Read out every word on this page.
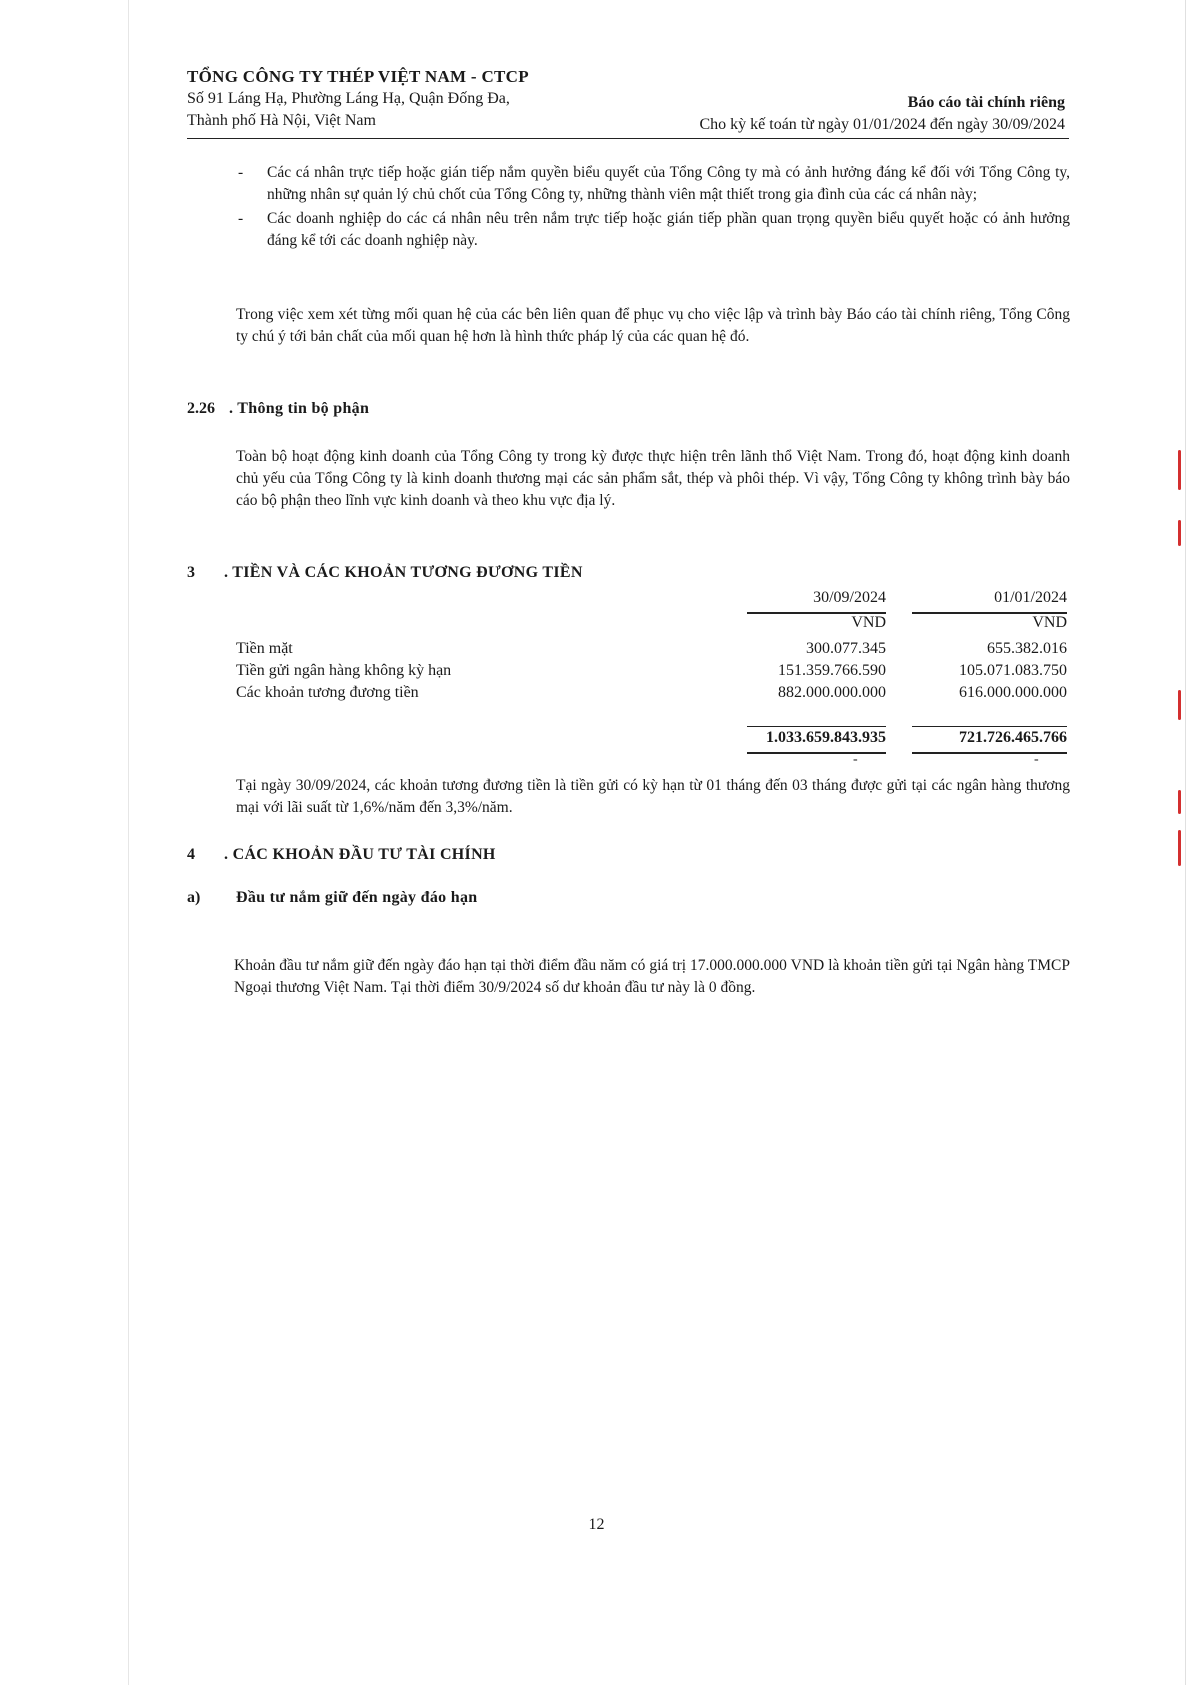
TỔNG CÔNG TY THÉP VIỆT NAM - CTCP
Số 91 Láng Hạ, Phường Láng Hạ, Quận Đống Đa,
Thành phố Hà Nội, Việt Nam
Báo cáo tài chính riêng
Cho kỳ kế toán từ ngày 01/01/2024 đến ngày 30/09/2024
- Các cá nhân trực tiếp hoặc gián tiếp nắm quyền biểu quyết của Tổng Công ty mà có ảnh hưởng đáng kể đối với Tổng Công ty, những nhân sự quản lý chủ chốt của Tổng Công ty, những thành viên mật thiết trong gia đình của các cá nhân này;
- Các doanh nghiệp do các cá nhân nêu trên nắm trực tiếp hoặc gián tiếp phần quan trọng quyền biểu quyết hoặc có ảnh hưởng đáng kể tới các doanh nghiệp này.
Trong việc xem xét từng mối quan hệ của các bên liên quan để phục vụ cho việc lập và trình bày Báo cáo tài chính riêng, Tổng Công ty chú ý tới bản chất của mối quan hệ hơn là hình thức pháp lý của các quan hệ đó.
2.26 . Thông tin bộ phận
Toàn bộ hoạt động kinh doanh của Tổng Công ty trong kỳ được thực hiện trên lãnh thổ Việt Nam. Trong đó, hoạt động kinh doanh chủ yếu của Tổng Công ty là kinh doanh thương mại các sản phẩm sắt, thép và phôi thép. Vì vậy, Tổng Công ty không trình bày báo cáo bộ phận theo lĩnh vực kinh doanh và theo khu vực địa lý.
3 . TIỀN VÀ CÁC KHOẢN TƯƠNG ĐƯƠNG TIỀN
30/09/2024	01/01/2024
VND	VND
Tiền mặt	300.077.345	655.382.016
Tiền gửi ngân hàng không kỳ hạn	151.359.766.590	105.071.083.750
Các khoản tương đương tiền	882.000.000.000	616.000.000.000
1.033.659.843.935	721.726.465.766
-	-
Tại ngày 30/09/2024, các khoản tương đương tiền là tiền gửi có kỳ hạn từ 01 tháng đến 03 tháng được gửi tại các ngân hàng thương mại với lãi suất từ 1,6%/năm đến 3,3%/năm.
4 . CÁC KHOẢN ĐẦU TƯ TÀI CHÍNH
a) Đầu tư nắm giữ đến ngày đáo hạn
Khoản đầu tư nắm giữ đến ngày đáo hạn tại thời điểm đầu năm có giá trị 17.000.000.000 VND là khoản tiền gửi tại Ngân hàng TMCP Ngoại thương Việt Nam. Tại thời điểm 30/9/2024 số dư khoản đầu tư này là 0 đồng.
12
